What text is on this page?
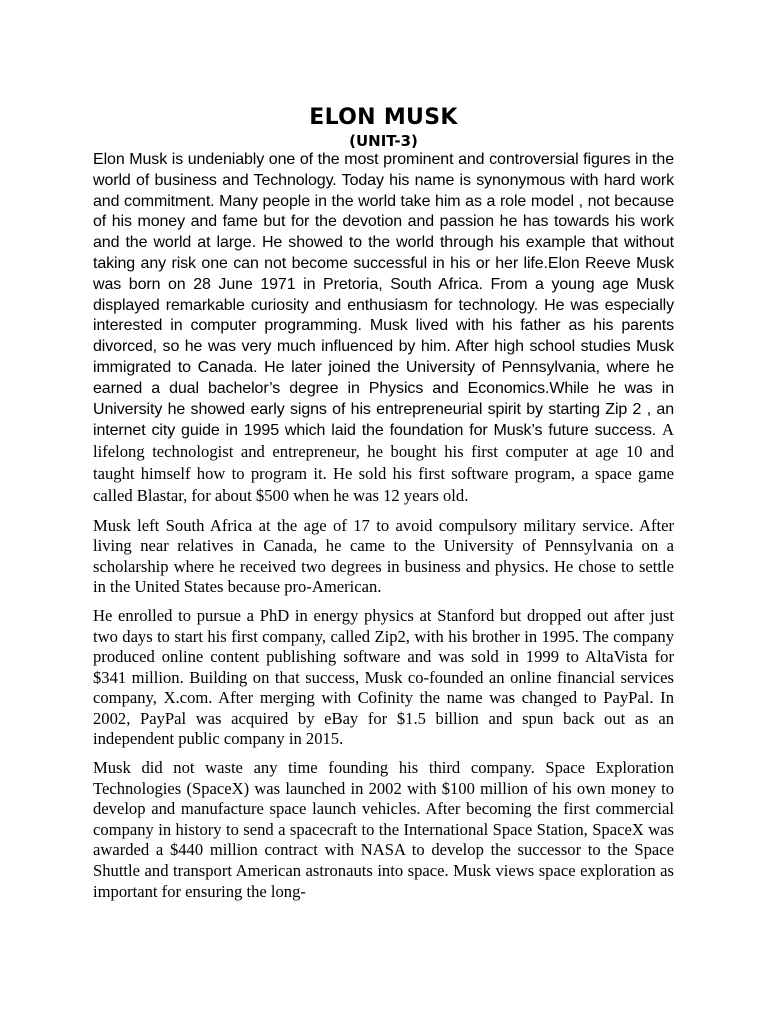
ELON MUSK
(UNIT-3)
Elon Musk is undeniably one of the most prominent and controversial figures in the world of business and Technology. Today his name is synonymous with hard work and commitment. Many people in the world take him as a role model , not because of his money and fame but for the devotion and passion he has towards his work and the world at large. He showed to the world through his example that without taking any risk one can not become successful in his or her life.Elon Reeve Musk was born on 28 June 1971 in Pretoria, South Africa. From a young age Musk displayed remarkable curiosity and enthusiasm for technology. He was especially interested in computer programming. Musk lived with his father as his parents divorced, so he was very much influenced by him. After high school studies Musk immigrated to Canada. He later joined the University of Pennsylvania, where he earned a dual bachelor’s degree in Physics and Economics.While he was in University he showed early signs of his entrepreneurial spirit by starting Zip 2 , an internet city guide in 1995 which laid the foundation for Musk’s future success. A lifelong technologist and entrepreneur, he bought his first computer at age 10 and taught himself how to program it. He sold his first software program, a space game called Blastar, for about $500 when he was 12 years old.

Musk left South Africa at the age of 17 to avoid compulsory military service. After living near relatives in Canada, he came to the University of Pennsylvania on a scholarship where he received two degrees in business and physics. He chose to settle in the United States because pro-American.

He enrolled to pursue a PhD in energy physics at Stanford but dropped out after just two days to start his first company, called Zip2, with his brother in 1995. The company produced online content publishing software and was sold in 1999 to AltaVista for $341 million. Building on that success, Musk co-founded an online financial services company, X.com. After merging with Cofinity the name was changed to PayPal. In 2002, PayPal was acquired by eBay for $1.5 billion and spun back out as an independent public company in 2015.

Musk did not waste any time founding his third company. Space Exploration Technologies (SpaceX) was launched in 2002 with $100 million of his own money to develop and manufacture space launch vehicles. After becoming the first commercial company in history to send a spacecraft to the International Space Station, SpaceX was awarded a $440 million contract with NASA to develop the successor to the Space Shuttle and transport American astronauts into space. Musk views space exploration as important for ensuring the long-
